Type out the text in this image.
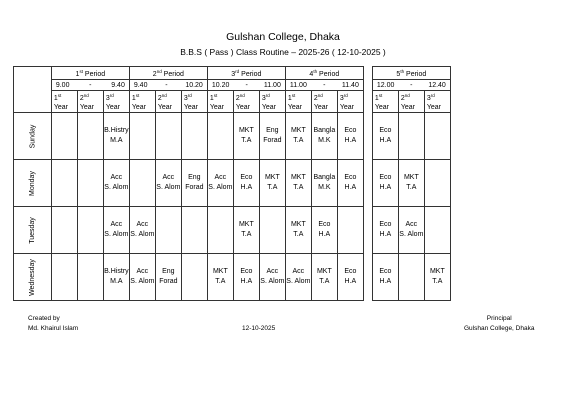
Gulshan College, Dhaka
B.B.S ( Pass ) Class Routine – 2025-26 ( 12-10-2025 )
	1st Period			2nd Period			3rd Period			4th Period				5th Period		

	9.00 - 9.40			9.40 - 10.20			10.20 - 11.00			11.00 - 11.40				12.00 - 12.40		

	1st
Year	2nd
Year	3rd
Year	1st
Year	2nd
Year	3rd
Year	1st
Year	2nd
Year	3rd
Year	1st
Year	2nd
Year	3rd
Year		1st
Year	2nd
Year	3rd
Year

Sunday			B.Histry
M.A					MKT
T.A	Eng
Forad	MKT
T.A	Bangla
M.K	Eco
H.A		Eco
H.A		

Monday			Acc
S. Alom		Acc
S. Alom	Eng
Forad	Acc
S. Alom	Eco
H.A	MKT
T.A	MKT
T.A	Bangla
M.K	Eco
H.A		Eco
H.A	MKT
T.A	

Tuesday			Acc
S. Alom	Acc
S. Alom				MKT
T.A		MKT
T.A	Eco
H.A			Eco
H.A	Acc
S. Alom	

Wednesday			B.Histry
M.A	Acc
S. Alom	Eng
Forad		MKT
T.A	Eco
H.A	Acc
S. Alom	Acc
S. Alom	MKT
T.A	Eco
H.A		Eco
H.A		MKT
T.A
Created by
Md. Khairul Islam	12-10-2025
Principal
Gulshan College, Dhaka
